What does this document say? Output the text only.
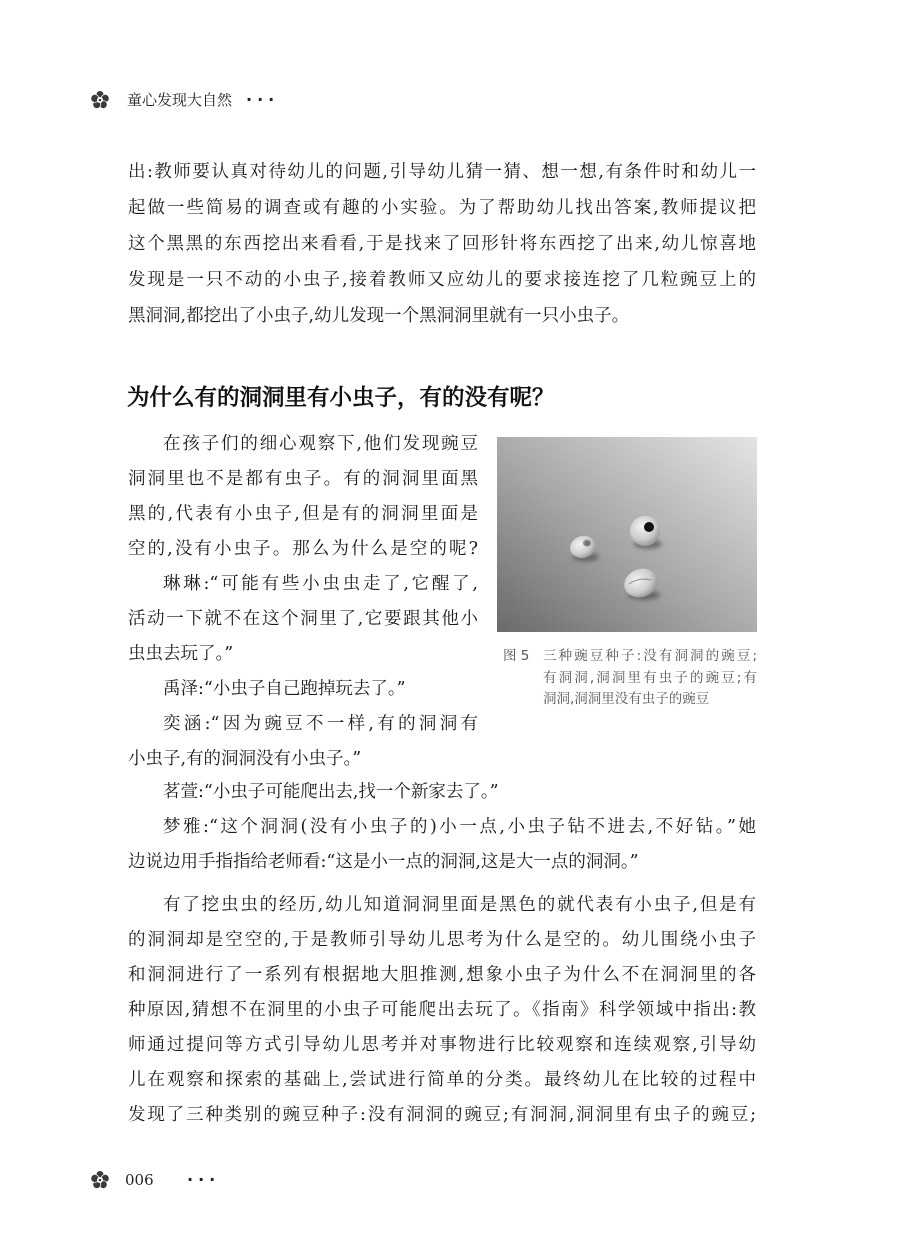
童心发现大自然 ···
出:教师要认真对待幼儿的问题,引导幼儿猜一猜、想一想,有条件时和幼儿一
起做一些简易的调查或有趣的小实验。为了帮助幼儿找出答案,教师提议把
这个黑黑的东西挖出来看看,于是找来了回形针将东西挖了出来,幼儿惊喜地
发现是一只不动的小虫子,接着教师又应幼儿的要求接连挖了几粒豌豆上的
黑洞洞,都挖出了小虫子,幼儿发现一个黑洞洞里就有一只小虫子。
为什么有的洞洞里有小虫子，有的没有呢？
在孩子们的细心观察下,他们发现豌豆
洞洞里也不是都有虫子。有的洞洞里面黑
黑的,代表有小虫子,但是有的洞洞里面是
空的,没有小虫子。那么为什么是空的呢?
琳琳:“可能有些小虫虫走了,它醒了,
活动一下就不在这个洞里了,它要跟其他小
虫虫去玩了。”
禹泽:“小虫子自己跑掉玩去了。”
奕涵:“因为豌豆不一样,有的洞洞有
小虫子,有的洞洞没有小虫子。”
图 5 三种豌豆种子:没有洞洞的豌豆;
有洞洞,洞洞里有虫子的豌豆;有
洞洞,洞洞里没有虫子的豌豆
茗萱:“小虫子可能爬出去,找一个新家去了。”
梦雅:“这个洞洞(没有小虫子的)小一点,小虫子钻不进去,不好钻。”她
边说边用手指指给老师看:“这是小一点的洞洞,这是大一点的洞洞。”
有了挖虫虫的经历,幼儿知道洞洞里面是黑色的就代表有小虫子,但是有
的洞洞却是空空的,于是教师引导幼儿思考为什么是空的。幼儿围绕小虫子
和洞洞进行了一系列有根据地大胆推测,想象小虫子为什么不在洞洞里的各
种原因,猜想不在洞里的小虫子可能爬出去玩了。《指南》科学领域中指出:教
师通过提问等方式引导幼儿思考并对事物进行比较观察和连续观察,引导幼
儿在观察和探索的基础上,尝试进行简单的分类。最终幼儿在比较的过程中
发现了三种类别的豌豆种子:没有洞洞的豌豆;有洞洞,洞洞里有虫子的豌豆;
006 ···
